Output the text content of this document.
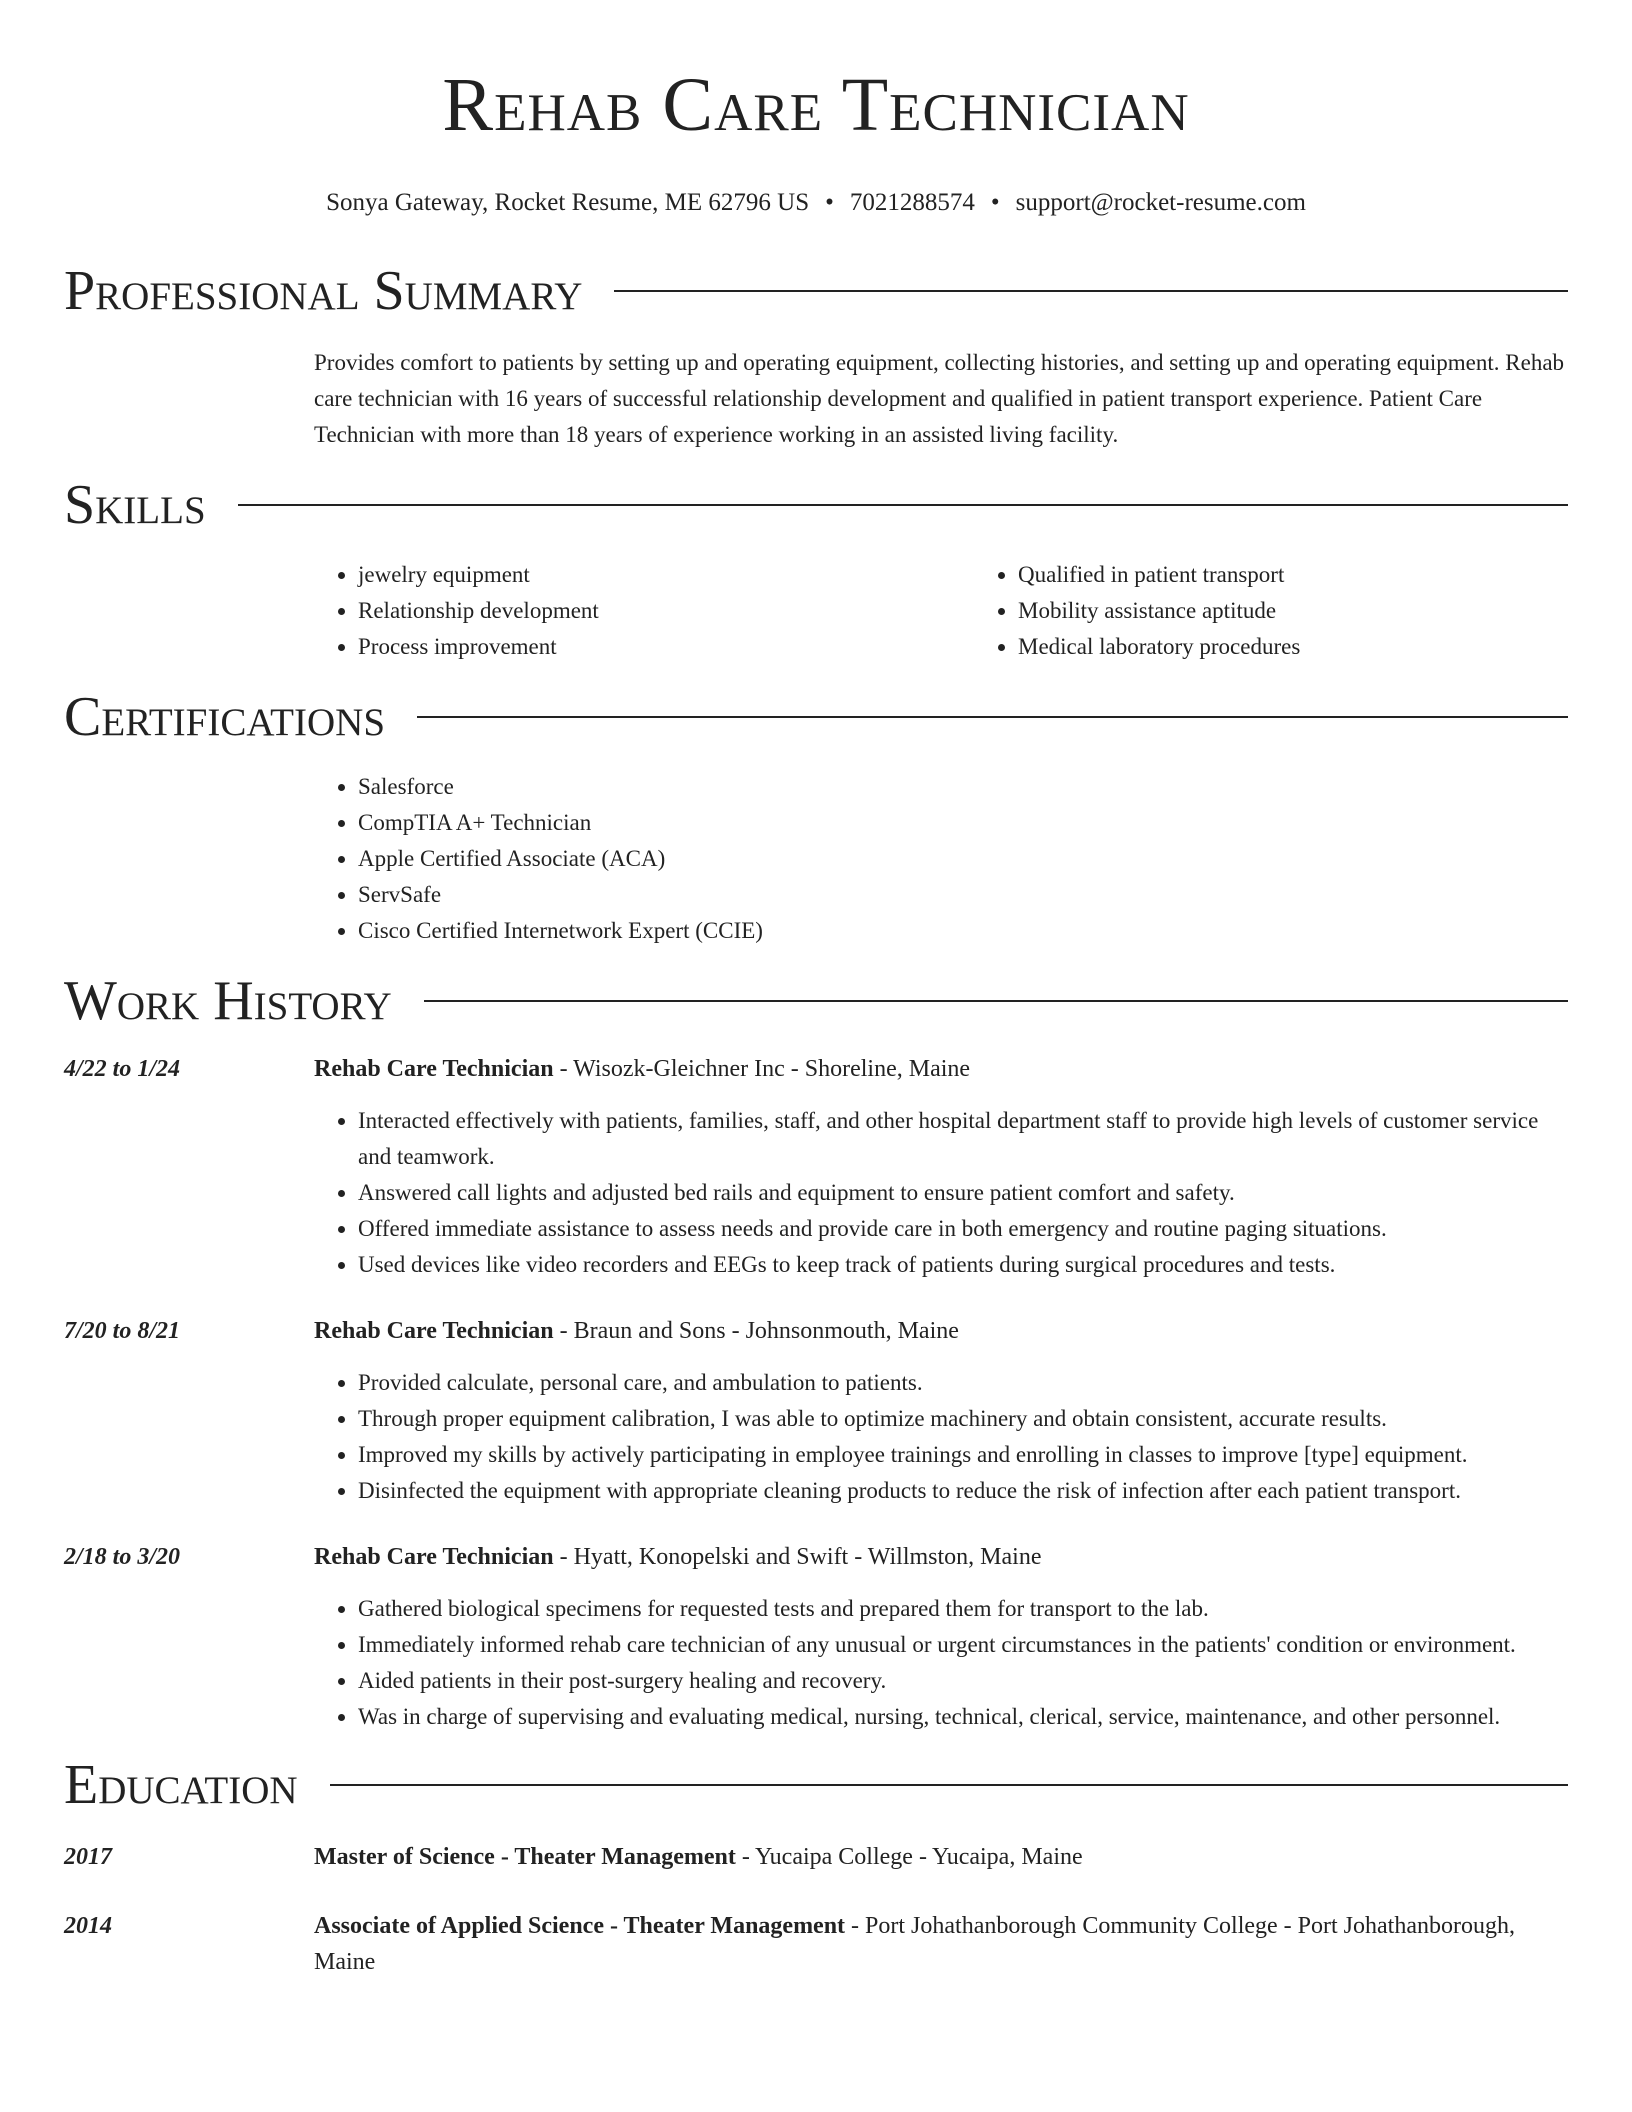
Rehab Care Technician
Sonya Gateway, Rocket Resume, ME 62796 US • 7021288574 • support@rocket-resume.com
Professional Summary

Provides comfort to patients by setting up and operating equipment, collecting histories, and setting up and operating equipment. Rehab care technician with 16 years of successful relationship development and qualified in patient transport experience. Patient Care Technician with more than 18 years of experience working in an assisted living facility.

Skills
• jewelry equipment
• Relationship development
• Process improvement
• Qualified in patient transport
• Mobility assistance aptitude
• Medical laboratory procedures
Certifications
• Salesforce
• CompTIA A+ Technician
• Apple Certified Associate (ACA)
• ServSafe
• Cisco Certified Internetwork Expert (CCIE)
Work History
4/22 to 1/24	Rehab Care Technician - Wisozk-Gleichner Inc - Shoreline, Maine
• Interacted effectively with patients, families, staff, and other hospital department staff to provide high levels of customer service and teamwork.
• Answered call lights and adjusted bed rails and equipment to ensure patient comfort and safety.
• Offered immediate assistance to assess needs and provide care in both emergency and routine paging situations.
• Used devices like video recorders and EEGs to keep track of patients during surgical procedures and tests.
7/20 to 8/21	Rehab Care Technician - Braun and Sons - Johnsonmouth, Maine
• Provided calculate, personal care, and ambulation to patients.
• Through proper equipment calibration, I was able to optimize machinery and obtain consistent, accurate results.
• Improved my skills by actively participating in employee trainings and enrolling in classes to improve [type] equipment.
• Disinfected the equipment with appropriate cleaning products to reduce the risk of infection after each patient transport.
2/18 to 3/20	Rehab Care Technician - Hyatt, Konopelski and Swift - Willmston, Maine
• Gathered biological specimens for requested tests and prepared them for transport to the lab.
• Immediately informed rehab care technician of any unusual or urgent circumstances in the patients' condition or environment.
• Aided patients in their post-surgery healing and recovery.
• Was in charge of supervising and evaluating medical, nursing, technical, clerical, service, maintenance, and other personnel.
Education
2017	Master of Science - Theater Management - Yucaipa College - Yucaipa, Maine
2014	Associate of Applied Science - Theater Management - Port Johathanborough Community College - Port Johathanborough, Maine
